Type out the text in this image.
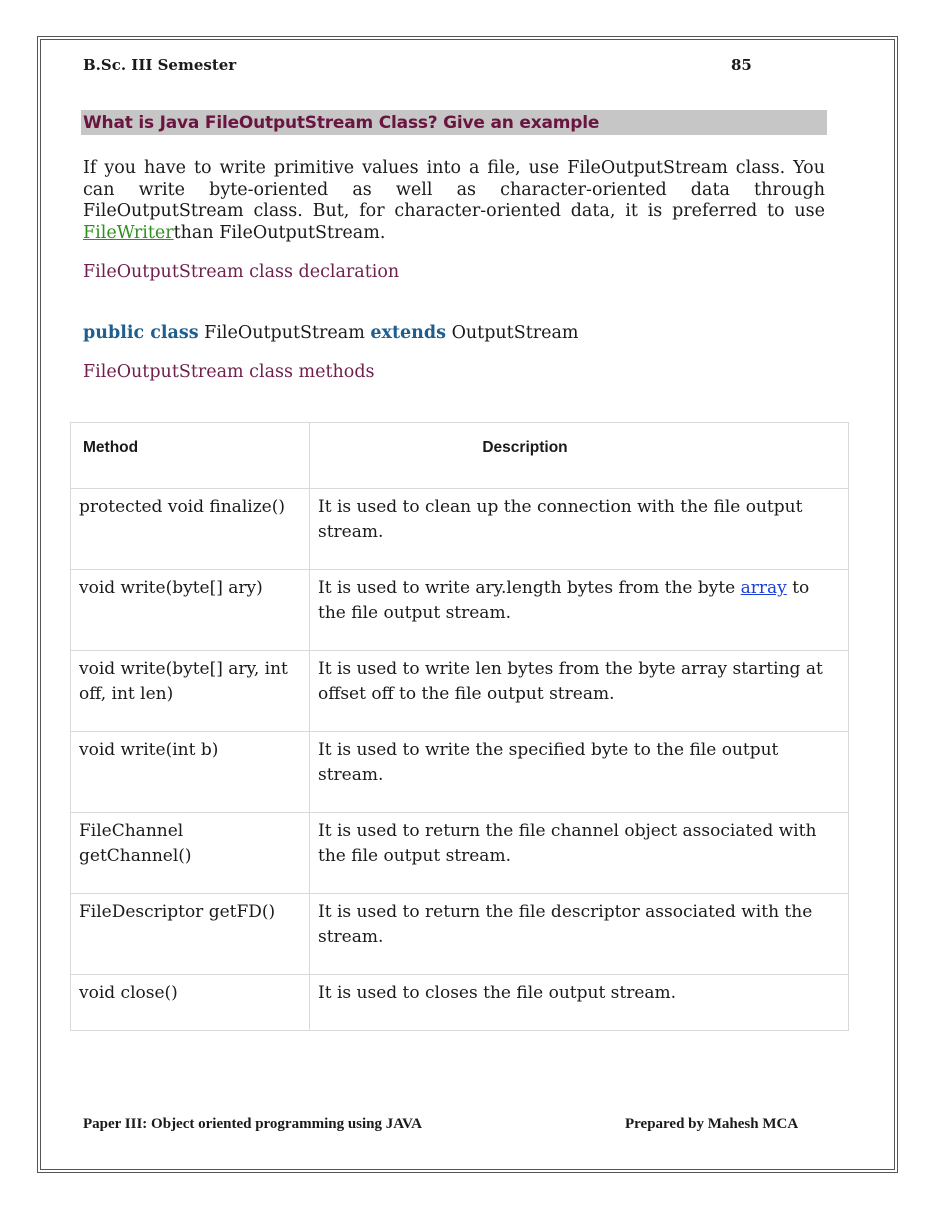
B.Sc. III Semester	85
What is Java FileOutputStream Class? Give an example
If you have to write primitive values into a file, use FileOutputStream class. You can write byte-oriented as well as character-oriented data through FileOutputStream class. But, for character-oriented data, it is preferred to use FileWriterthan FileOutputStream.
FileOutputStream class declaration
public class FileOutputStream extends OutputStream
FileOutputStream class methods
Method	Description
protected void finalize()	It is used to clean up the connection with the file output stream.
void write(byte[] ary)	It is used to write ary.length bytes from the byte array to the file output stream.
void write(byte[] ary, int off, int len)	It is used to write len bytes from the byte array starting at offset off to the file output stream.
void write(int b)	It is used to write the specified byte to the file output stream.
FileChannel getChannel()	It is used to return the file channel object associated with the file output stream.
FileDescriptor getFD()	It is used to return the file descriptor associated with the stream.
void close()	It is used to closes the file output stream.
Paper III: Object oriented programming using JAVA	Prepared by Mahesh MCA
